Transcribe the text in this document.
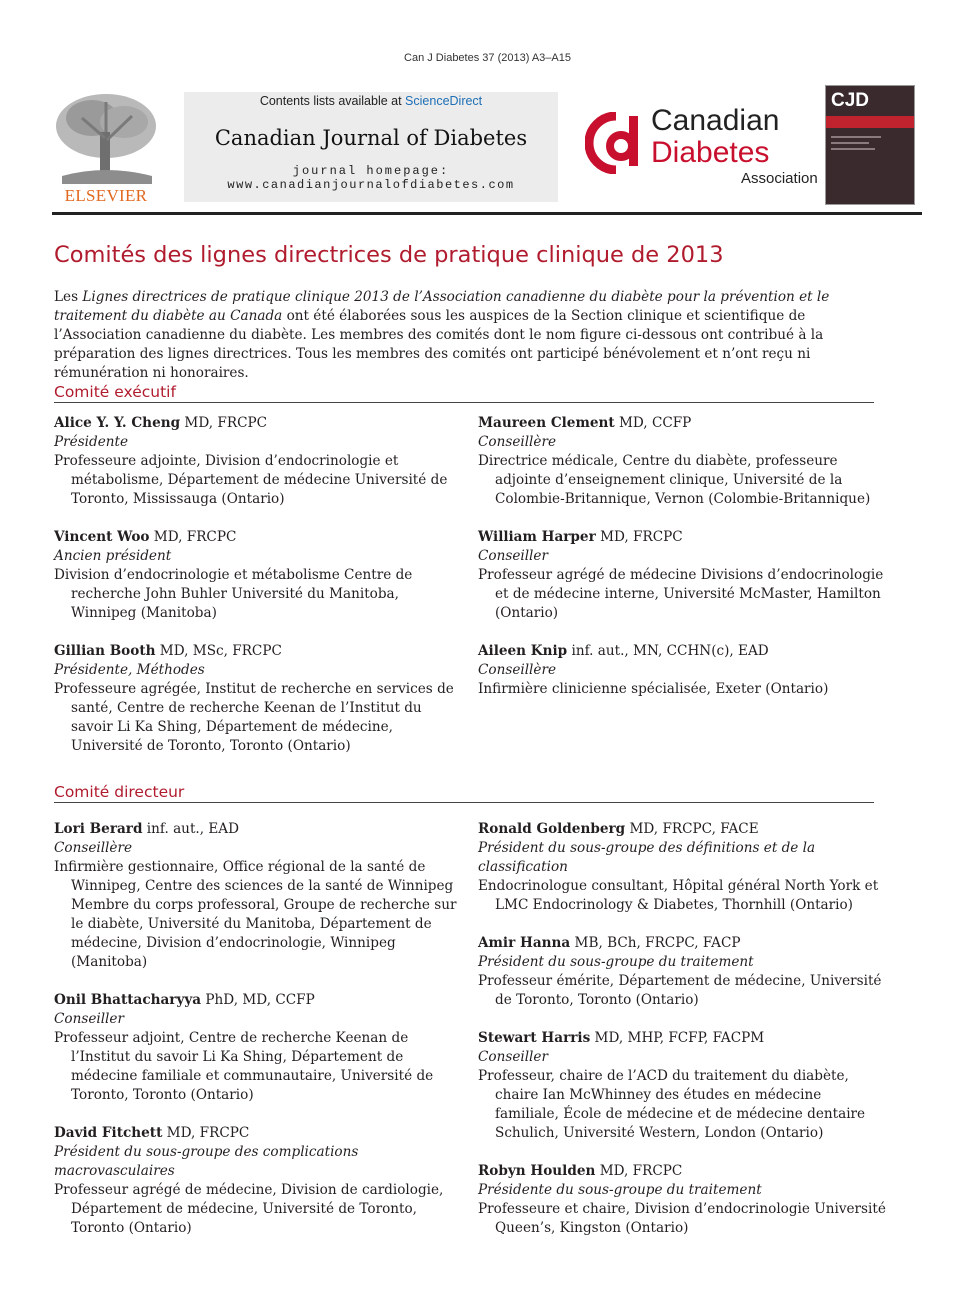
Can J Diabetes 37 (2013) A3–A15
ELSEVIER
Contents lists available at ScienceDirect
Canadian Journal of Diabetes
journal homepage:
www.canadianjournalofdiabetes.com
Canadian
Diabetes
Association
CJD
Comités des lignes directrices de pratique clinique de 2013

Les Lignes directrices de pratique clinique 2013 de l’Association canadienne du diabète pour la prévention et le traitement du diabète au Canada ont été élaborées sous les auspices de la Section clinique et scientifique de l’Association canadienne du diabète. Les membres des comités dont le nom figure ci-dessous ont contribué à la préparation des lignes directrices. Tous les membres des comités ont participé bénévolement et n’ont reçu ni rémunération ni honoraires.

Comité exécutif
Alice Y. Y. Cheng MD, FRCPC
Présidente
Professeure adjointe, Division d’endocrinologie et métabolisme, Département de médecine Université de Toronto, Mississauga (Ontario)
Vincent Woo MD, FRCPC
Ancien président
Division d’endocrinologie et métabolisme Centre de recherche John Buhler Université du Manitoba, Winnipeg (Manitoba)
Gillian Booth MD, MSc, FRCPC
Présidente, Méthodes
Professeure agrégée, Institut de recherche en services de santé, Centre de recherche Keenan de l’Institut du savoir Li Ka Shing, Département de médecine, Université de Toronto, Toronto (Ontario)
Maureen Clement MD, CCFP
Conseillère
Directrice médicale, Centre du diabète, professeure adjointe d’enseignement clinique, Université de la Colombie-Britannique, Vernon (Colombie-Britannique)
William Harper MD, FRCPC
Conseiller
Professeur agrégé de médecine Divisions d’endocrinologie et de médecine interne, Université McMaster, Hamilton (Ontario)
Aileen Knip inf. aut., MN, CCHN(c), EAD
Conseillère
Infirmière clinicienne spécialisée, Exeter (Ontario)
Comité directeur
Lori Berard inf. aut., EAD
Conseillère
Infirmière gestionnaire, Office régional de la santé de Winnipeg, Centre des sciences de la santé de Winnipeg Membre du corps professoral, Groupe de recherche sur le diabète, Université du Manitoba, Département de médecine, Division d’endocrinologie, Winnipeg (Manitoba)
Onil Bhattacharyya PhD, MD, CCFP
Conseiller
Professeur adjoint, Centre de recherche Keenan de l’Institut du savoir Li Ka Shing, Département de médecine familiale et communautaire, Université de Toronto, Toronto (Ontario)
David Fitchett MD, FRCPC
Président du sous-groupe des complications macrovasculaires
Professeur agrégé de médecine, Division de cardiologie, Département de médecine, Université de Toronto, Toronto (Ontario)
Ronald Goldenberg MD, FRCPC, FACE
Président du sous-groupe des définitions et de la classification
Endocrinologue consultant, Hôpital général North York et LMC Endocrinology & Diabetes, Thornhill (Ontario)
Amir Hanna MB, BCh, FRCPC, FACP
Président du sous-groupe du traitement
Professeur émérite, Département de médecine, Université de Toronto, Toronto (Ontario)
Stewart Harris MD, MHP, FCFP, FACPM
Conseiller
Professeur, chaire de l’ACD du traitement du diabète, chaire Ian McWhinney des études en médecine familiale, École de médecine et de médecine dentaire Schulich, Université Western, London (Ontario)
Robyn Houlden MD, FRCPC
Présidente du sous-groupe du traitement
Professeure et chaire, Division d’endocrinologie Université Queen’s, Kingston (Ontario)
